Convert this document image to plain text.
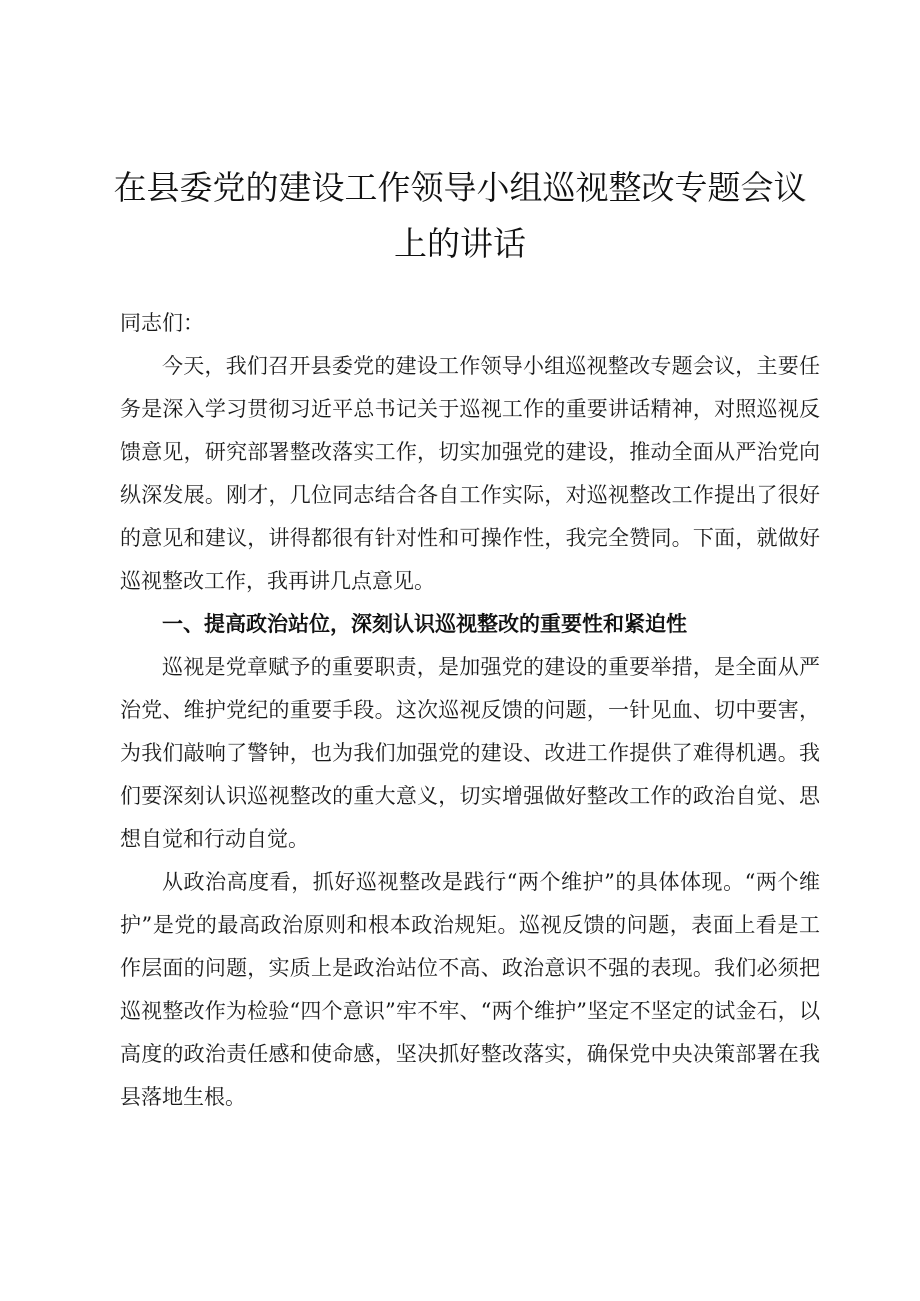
在县委党的建设工作领导小组巡视整改专题会议上的讲话

同志们：

今天，我们召开县委党的建设工作领导小组巡视整改专题会议，主要任务是深入学习贯彻习近平总书记关于巡视工作的重要讲话精神，对照巡视反馈意见，研究部署整改落实工作，切实加强党的建设，推动全面从严治党向纵深发展。刚才，几位同志结合各自工作实际，对巡视整改工作提出了很好的意见和建议，讲得都很有针对性和可操作性，我完全赞同。下面，就做好巡视整改工作，我再讲几点意见。

一、提高政治站位，深刻认识巡视整改的重要性和紧迫性

巡视是党章赋予的重要职责，是加强党的建设的重要举措，是全面从严治党、维护党纪的重要手段。这次巡视反馈的问题，一针见血、切中要害，为我们敲响了警钟，也为我们加强党的建设、改进工作提供了难得机遇。我们要深刻认识巡视整改的重大意义，切实增强做好整改工作的政治自觉、思想自觉和行动自觉。

从政治高度看，抓好巡视整改是践行“两个维护”的具体体现。“两个维护”是党的最高政治原则和根本政治规矩。巡视反馈的问题，表面上看是工作层面的问题，实质上是政治站位不高、政治意识不强的表现。我们必须把巡视整改作为检验“四个意识”牢不牢、“两个维护”坚定不坚定的试金石，以高度的政治责任感和使命感，坚决抓好整改落实，确保党中央决策部署在我县落地生根。
